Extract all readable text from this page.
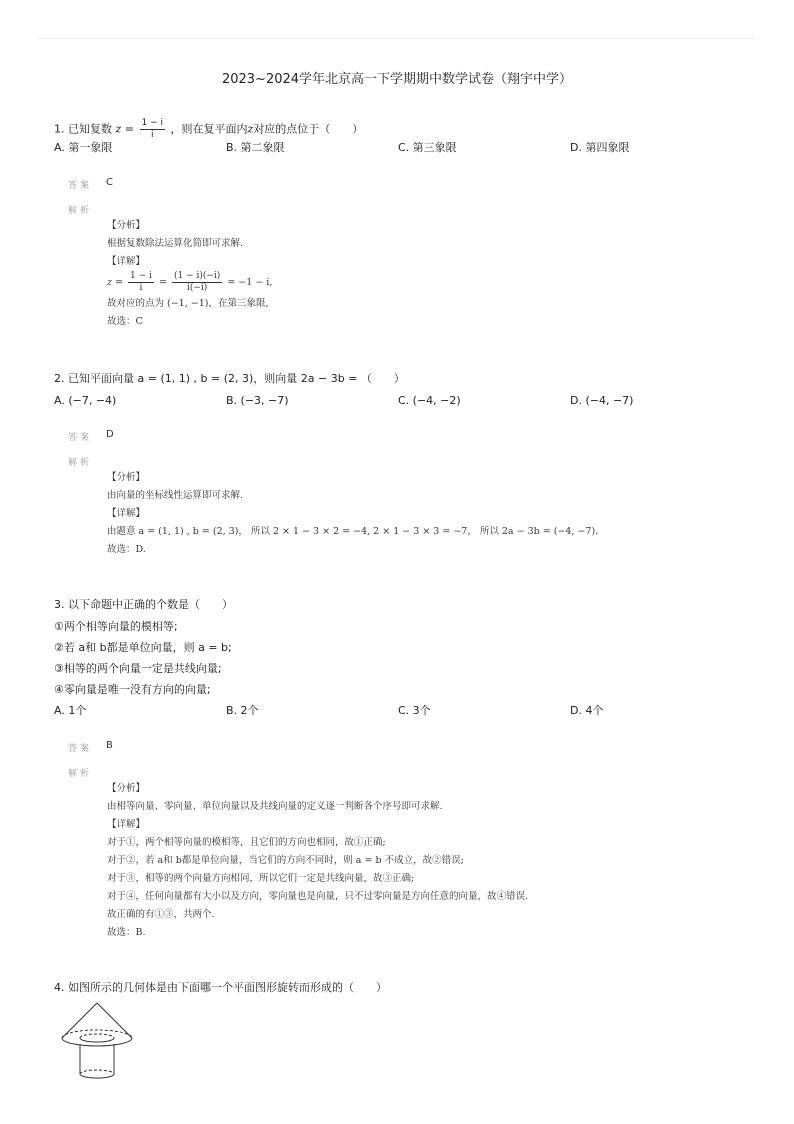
2023~2024学年北京高一下学期期中数学试卷（翔宇中学）
1. 已知复数 $z = \frac{1 - i}{i}$ ，则在复平面内z对应的点位于（　　）
A. 第一象限	B. 第二象限	C. 第三象限	D. 第四象限
答案 C
解析
【分析】
根据复数除法运算化简即可求解.
【详解】
$z = \frac{1 - i}{i} = \frac{(1 - i)(-i)}{i(-i)} = -1 - i$,
故对应的点为 (−1, −1)，在第三象限,
故选：C
2. 已知平面向量 a = (1, 1) , b = (2, 3)，则向量 2a − 3b = （　　）
A. (−7, −4)	B. (−3, −7)	C. (−4, −2)	D. (−4, −7)
答案 D
解析
【分析】
由向量的坐标线性运算即可求解.
【详解】
由题意 a = (1, 1) , b = (2, 3)， 所以 2 × 1 − 3 × 2 = −4, 2 × 1 − 3 × 3 = −7， 所以 2a − 3b = (−4, −7).
故选：D.
3. 以下命题中正确的个数是（　　）
①两个相等向量的模相等;
②若 a和 b都是单位向量，则 a = b;
③相等的两个向量一定是共线向量;
④零向量是唯一没有方向的向量;
A. 1个	B. 2个	C. 3个	D. 4个
答案 B
解析
【分析】
由相等向量、零向量、单位向量以及共线向量的定义逐一判断各个序号即可求解.
【详解】
对于①，两个相等向量的模相等，且它们的方向也相同，故①正确;
对于②，若 a和 b都是单位向量，当它们的方向不同时，则 a = b 不成立，故②错误;
对于③，相等的两个向量方向相同，所以它们一定是共线向量，故③正确;
对于④，任何向量都有大小以及方向，零向量也是向量，只不过零向量是方向任意的向量，故④错误.
故正确的有①③，共两个.
故选：B.
4. 如图所示的几何体是由下面哪一个平面图形旋转而形成的（　　）
